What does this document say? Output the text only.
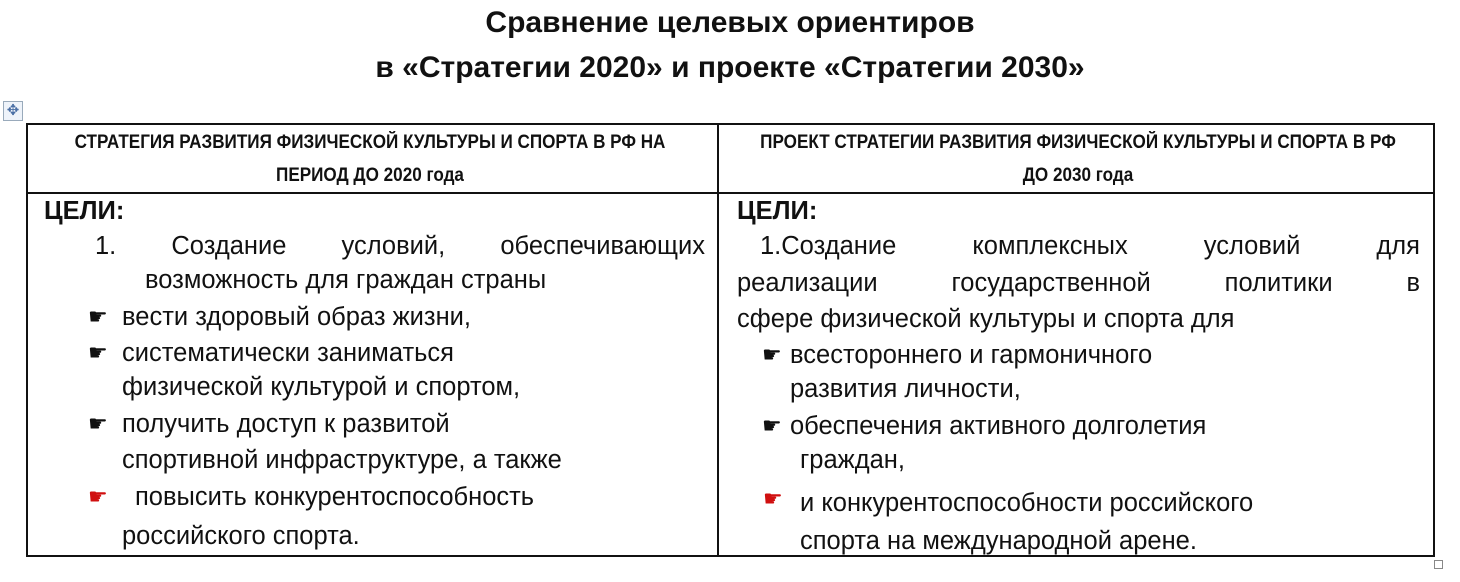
Сравнение целевых ориентиров
в «Стратегии 2020» и проекте «Стратегии 2030»
✥
СТРАТЕГИЯ РАЗВИТИЯ ФИЗИЧЕСКОЙ КУЛЬТУРЫ И СПОРТА В РФ НА ПЕРИОД ДО 2020 года
ПРОЕКТ СТРАТЕГИИ РАЗВИТИЯ ФИЗИЧЕСКОЙ КУЛЬТУРЫ И СПОРТА В РФ ДО 2030 года
ЦЕЛИ:
1. Создание условий, обеспечивающих
возможность для граждан страны
☛ вести здоровый образ жизни,
☛ систематически заниматься
физической культурой и спортом,
☛ получить доступ к развитой
спортивной инфраструктуре, а также
☛ повысить конкурентоспособность
российского спорта.
ЦЕЛИ:
1.Создание комплексных условий для
реализации государственной политики в
сфере физической культуры и спорта для
☛ всестороннего и гармоничного
развития личности,
☛ обеспечения активного долголетия
граждан,
☛ и конкурентоспособности российского
спорта на международной арене.
